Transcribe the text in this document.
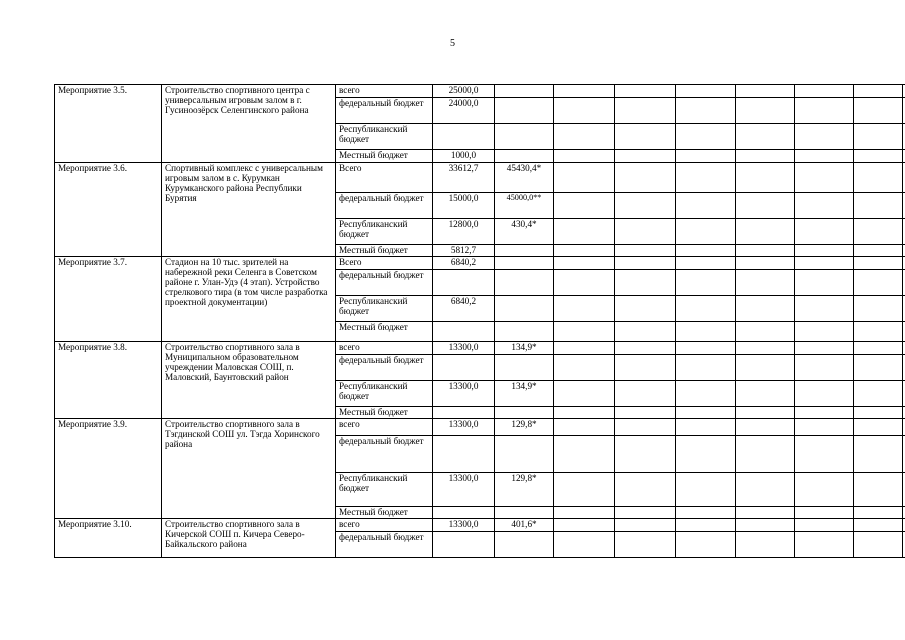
5
Мероприятие 3.5.	Строительство спортивного центра с универсальным игровым залом в г. Гусиноозёрск Селенгинского района	всего	25000,0								
		федеральный бюджет	24000,0								
		Республиканский бюджет									
		Местный бюджет	1000,0								
Мероприятие 3.6.	Спортивный комплекс с универсальным игровым залом в с. Курумкан Курумканского района Республики Бурятия	Всего	33612,7	45430,4*							
		федеральный бюджет	15000,0	45000,0**							
		Республиканский бюджет	12800,0	430,4*							
		Местный бюджет	5812,7								
Мероприятие 3.7.	Стадион на 10 тыс. зрителей на набережной реки Селенга в Советском районе г. Улан-Удэ (4 этап). Устройство стрелкового тира (в том числе разработка проектной документации)	Всего	6840,2								
		федеральный бюджет									
		Республиканский бюджет	6840,2								
		Местный бюджет									
Мероприятие 3.8.	Строительство спортивного зала в Муниципальном образовательном учреждении Маловская СОШ, п. Маловский, Баунтовский район	всего	13300,0	134,9*							
		федеральный бюджет									
		Республиканский бюджет	13300,0	134,9*							
		Местный бюджет									
Мероприятие 3.9.	Строительство спортивного зала в Тэгдинской СОШ ул. Тэгда Хоринского района	всего	13300,0	129,8*							
		федеральный бюджет									
		Республиканский бюджет	13300,0	129,8*							
		Местный бюджет									
Мероприятие 3.10.	Строительство спортивного зала в Кичерской СОШ п. Кичера Северо-Байкальского района	всего	13300,0	401,6*							
		федеральный бюджет									
